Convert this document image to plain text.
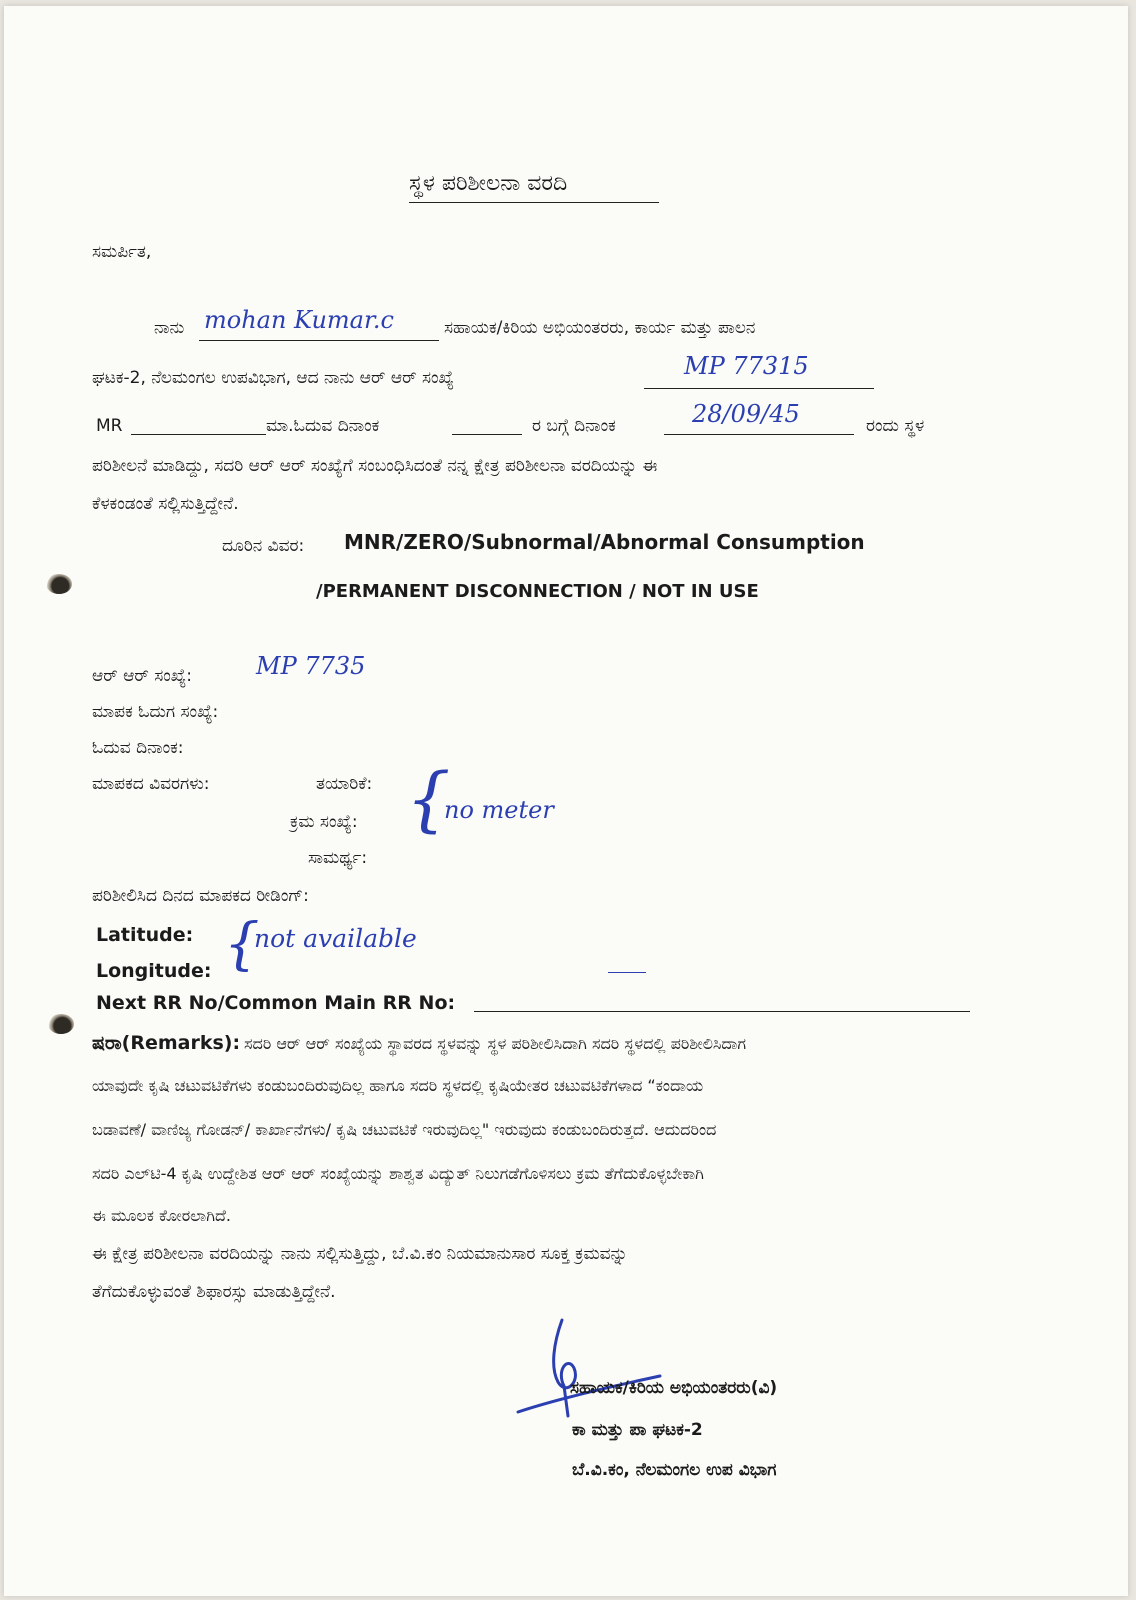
ಸ್ಥಳ ಪರಿಶೀಲನಾ ವರದಿ
ಸಮರ್ಪಿತ,
ನಾನು mohan Kumar.c	ಸಹಾಯಕ/ಕಿರಿಯ ಅಭಿಯಂತರರು, ಕಾರ್ಯ ಮತ್ತು ಪಾಲನ
ಘಟಕ-2, ನೆಲಮಂಗಲ ಉಪವಿಭಾಗ, ಆದ ನಾನು ಆರ್ ಆರ್ ಸಂಖ್ಯೆ	MP 77315
MR	ಮಾ.ಓದುವ ದಿನಾಂಕ	ರ ಬಗ್ಗೆ ದಿನಾಂಕ	28/09/45	ರಂದು ಸ್ಥಳ
ಪರಿಶೀಲನೆ ಮಾಡಿದ್ದು, ಸದರಿ ಆರ್ ಆರ್ ಸಂಖ್ಯೆಗೆ ಸಂಬಂಧಿಸಿದಂತೆ ನನ್ನ ಕ್ಷೇತ್ರ ಪರಿಶೀಲನಾ ವರದಿಯನ್ನು ಈ
ಕೆಳಕಂಡಂತೆ ಸಲ್ಲಿಸುತ್ತಿದ್ದೇನೆ.
ದೂರಿನ ವಿವರ: MNR/ZERO/Subnormal/Abnormal Consumption
/PERMANENT DISCONNECTION / NOT IN USE
ಆರ್ ಆರ್ ಸಂಖ್ಯೆ:	MP 7735
ಮಾಪಕ ಓದುಗ ಸಂಖ್ಯೆ:
ಓದುವ ದಿನಾಂಕ:
ಮಾಪಕದ ವಿವರಗಳು:	ತಯಾರಿಕೆ:
ಕ್ರಮ ಸಂಖ್ಯೆ:
ಸಾಮರ್ಥ್ಯ:
{
no meter
ಪರಿಶೀಲಿಸಿದ ದಿನದ ಮಾಪಕದ ರೀಡಿಂಗ್:
Latitude:
Longitude: {
not available
Next RR No/Common Main RR No:
ಷರಾ(Remarks): ಸದರಿ ಆರ್ ಆರ್ ಸಂಖ್ಯೆಯ ಸ್ಥಾವರದ ಸ್ಥಳವನ್ನು ಸ್ಥಳ ಪರಿಶೀಲಿಸಿದಾಗಿ ಸದರಿ ಸ್ಥಳದಲ್ಲಿ ಪರಿಶೀಲಿಸಿದಾಗ
ಯಾವುದೇ ಕೃಷಿ ಚಟುವಟಿಕೆಗಳು ಕಂಡುಬಂದಿರುವುದಿಲ್ಲ ಹಾಗೂ ಸದರಿ ಸ್ಥಳದಲ್ಲಿ ಕೃಷಿಯೇತರ ಚಟುವಟಿಕೆಗಳಾದ “ಕಂದಾಯ
ಬಡಾವಣೆ/ ವಾಣಿಜ್ಯ ಗೋಡನ್/ ಕಾರ್ಖಾನೆಗಳು/ ಕೃಷಿ ಚಟುವಟಿಕೆ ಇರುವುದಿಲ್ಲ" ಇರುವುದು ಕಂಡುಬಂದಿರುತ್ತದೆ. ಆದುದರಿಂದ
ಸದರಿ ಎಲ್‌ಟಿ-4 ಕೃಷಿ ಉದ್ದೇಶಿತ ಆರ್ ಆರ್ ಸಂಖ್ಯೆಯನ್ನು ಶಾಶ್ವತ ವಿದ್ಯುತ್ ನಿಲುಗಡೆಗೊಳಿಸಲು ಕ್ರಮ ತೆಗೆದುಕೊಳ್ಳಬೇಕಾಗಿ
ಈ ಮೂಲಕ ಕೋರಲಾಗಿದೆ.
ಈ ಕ್ಷೇತ್ರ ಪರಿಶೀಲನಾ ವರದಿಯನ್ನು ನಾನು ಸಲ್ಲಿಸುತ್ತಿದ್ದು, ಬೆ.ವಿ.ಕಂ ನಿಯಮಾನುಸಾರ ಸೂಕ್ತ ಕ್ರಮವನ್ನು
ತೆಗೆದುಕೊಳ್ಳುವಂತೆ ಶಿಫಾರಸ್ಸು ಮಾಡುತ್ತಿದ್ದೇನೆ.
ಸಹಾಯಕ/ಕಿರಿಯ ಅಭಿಯಂತರರು(ವಿ)
ಕಾ ಮತ್ತು ಪಾ ಘಟಕ-2
ಬೆ.ವಿ.ಕಂ, ನೆಲಮಂಗಲ ಉಪ ವಿಭಾಗ
